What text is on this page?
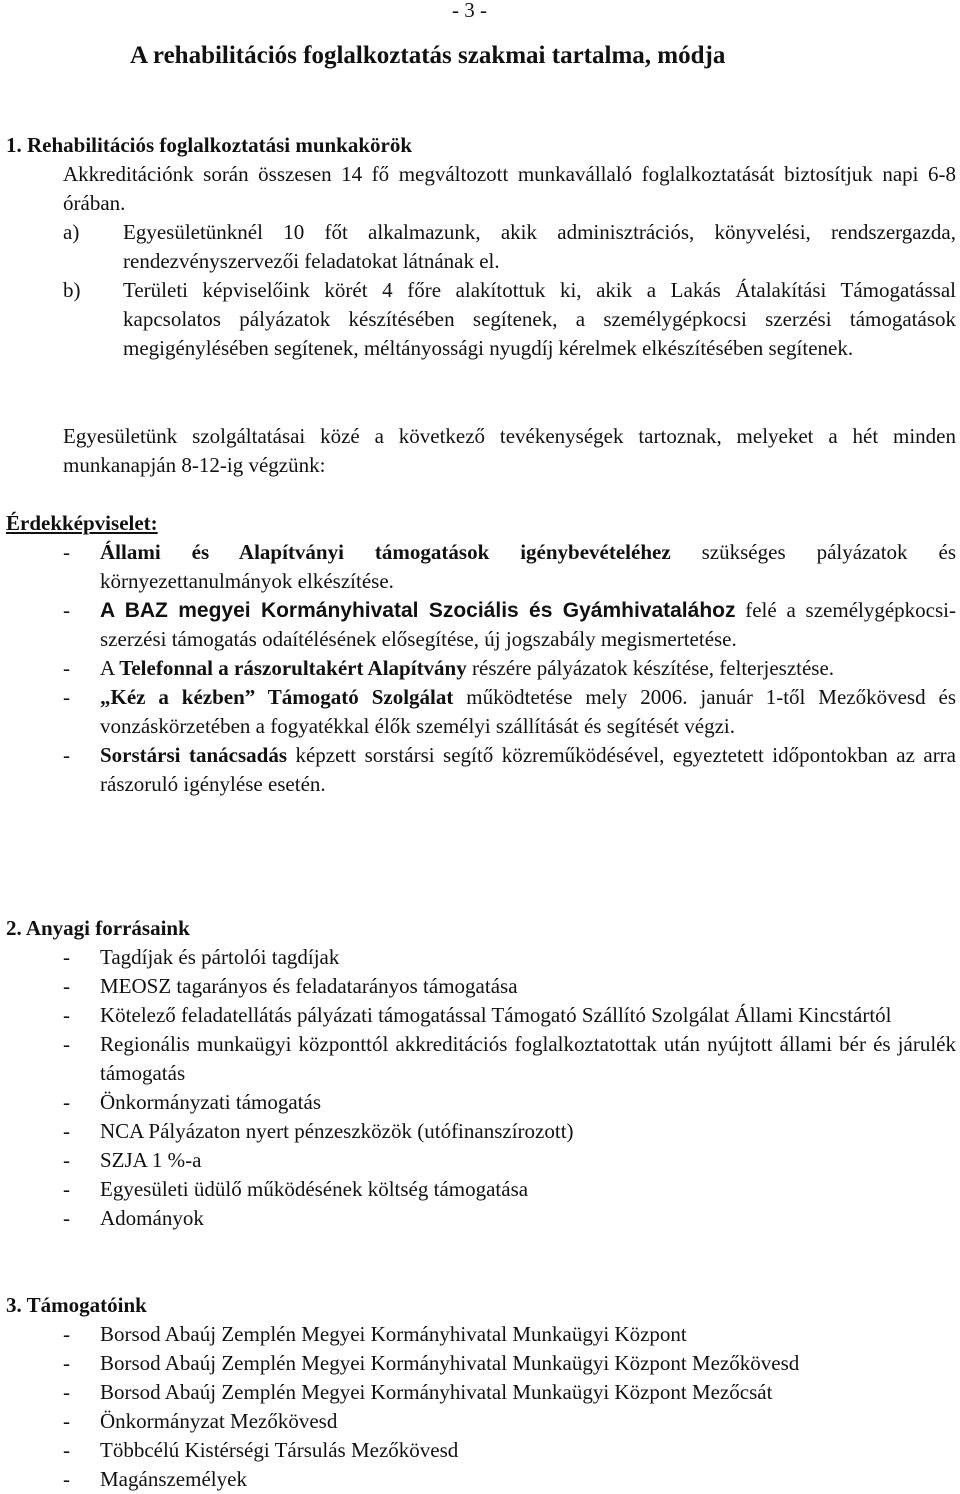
- 3 -
A rehabilitációs foglalkoztatás szakmai tartalma, módja
1. Rehabilitációs foglalkoztatási munkakörök
Akkreditációnk során összesen 14 fő megváltozott munkavállaló foglalkoztatását biztosítjuk napi 6-8 órában.
a) Egyesületünknél 10 főt alkalmazunk, akik adminisztrációs, könyvelési, rendszergazda, rendezvényszervezői feladatokat látnának el.
b) Területi képviselőink körét 4 főre alakítottuk ki, akik a Lakás Átalakítási Támogatással kapcsolatos pályázatok készítésében segítenek, a személygépkocsi szerzési támogatások megigénylésében segítenek, méltányossági nyugdíj kérelmek elkészítésében segítenek.
Egyesületünk szolgáltatásai közé a következő tevékenységek tartoznak, melyeket a hét minden munkanapján 8-12-ig végzünk:
Érdekképviselet:
- Állami és Alapítványi támogatások igénybevételéhez szükséges pályázatok és környezettanulmányok elkészítése.
- A BAZ megyei Kormányhivatal Szociális és Gyámhivatalához felé a személygépkocsi-szerzési támogatás odaítélésének elősegítése, új jogszabály megismertetése.
- A Telefonnal a rászorultakért Alapítvány részére pályázatok készítése, felterjesztése.
- „Kéz a kézben” Támogató Szolgálat működtetése mely 2006. január 1-től Mezőkövesd és vonzáskörzetében a fogyatékkal élők személyi szállítását és segítését végzi.
- Sorstársi tanácsadás képzett sorstársi segítő közreműködésével, egyeztetett időpontokban az arra rászoruló igénylése esetén.
2. Anyagi forrásaink
- Tagdíjak és pártolói tagdíjak
- MEOSZ tagarányos és feladatarányos támogatása
- Kötelező feladatellátás pályázati támogatással Támogató Szállító Szolgálat Állami Kincstártól
- Regionális munkaügyi központtól akkreditációs foglalkoztatottak után nyújtott állami bér és járulék támogatás
- Önkormányzati támogatás
- NCA Pályázaton nyert pénzeszközök (utófinanszírozott)
- SZJA 1 %-a
- Egyesületi üdülő működésének költség támogatása
- Adományok
3. Támogatóink
- Borsod Abaúj Zemplén Megyei Kormányhivatal Munkaügyi Központ
- Borsod Abaúj Zemplén Megyei Kormányhivatal Munkaügyi Központ Mezőkövesd
- Borsod Abaúj Zemplén Megyei Kormányhivatal Munkaügyi Központ Mezőcsát
- Önkormányzat Mezőkövesd
- Többcélú Kistérségi Társulás Mezőkövesd
- Magánszemélyek
